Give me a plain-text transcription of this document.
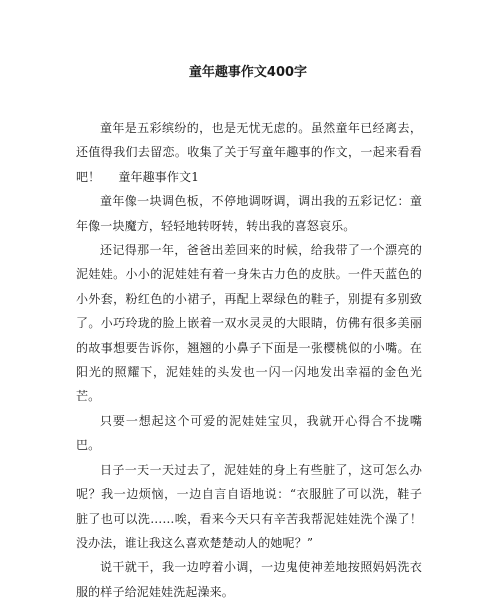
童年趣事作文400字

童年是五彩缤纷的，也是无忧无虑的。虽然童年已经离去，还值得我们去留恋。收集了关于写童年趣事的作文，一起来看看吧！ 童年趣事作文1

童年像一块调色板，不停地调呀调，调出我的五彩记忆：童年像一块魔方，轻轻地转呀转，转出我的喜怒哀乐。

还记得那一年，爸爸出差回来的时候，给我带了一个漂亮的泥娃娃。小小的泥娃娃有着一身朱古力色的皮肤。一件天蓝色的小外套，粉红色的小裙子，再配上翠绿色的鞋子，别提有多别致了。小巧玲珑的脸上嵌着一双水灵灵的大眼睛，仿佛有很多美丽的故事想要告诉你，翘翘的小鼻子下面是一张樱桃似的小嘴。在阳光的照耀下，泥娃娃的头发也一闪一闪地发出幸福的金色光芒。

只要一想起这个可爱的泥娃娃宝贝，我就开心得合不拢嘴巴。

日子一天一天过去了，泥娃娃的身上有些脏了，这可怎么办呢？我一边烦恼，一边自言自语地说：“衣服脏了可以洗，鞋子脏了也可以洗……唉，看来今天只有辛苦我帮泥娃娃洗个澡了！没办法，谁让我这么喜欢楚楚动人的她呢？”

说干就干，我一边哼着小调，一边鬼使神差地按照妈妈洗衣服的样子给泥娃娃洗起澡来。
